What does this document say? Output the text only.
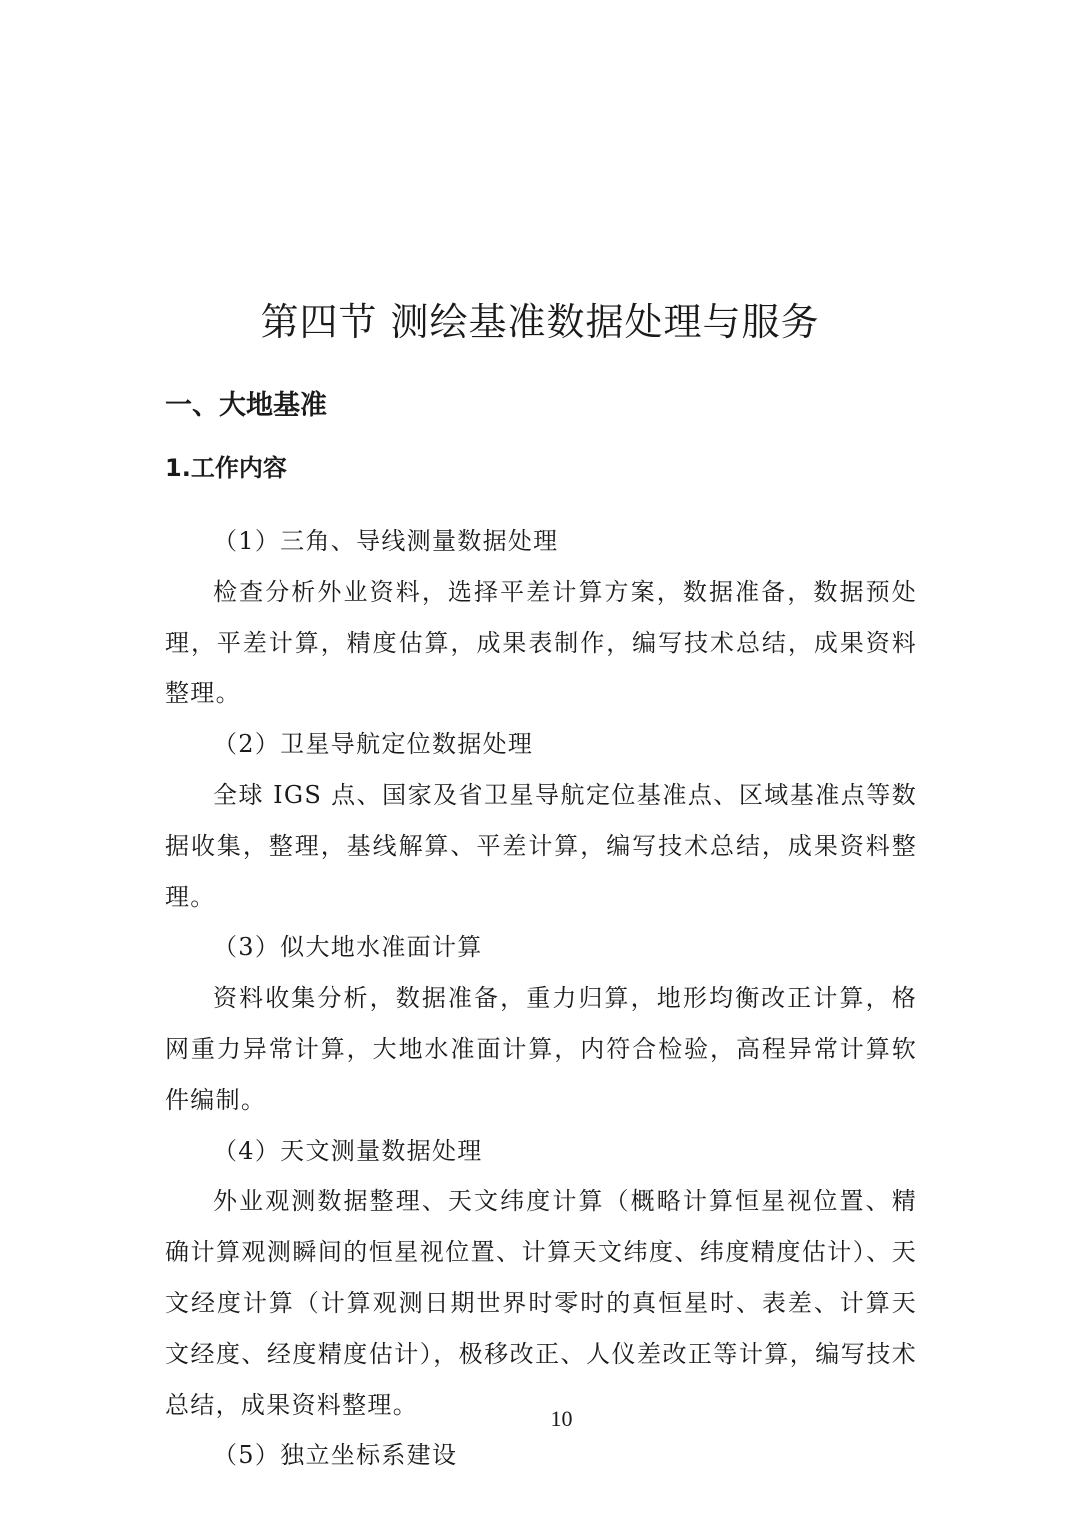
第四节 测绘基准数据处理与服务
一、大地基准
1.工作内容
（1）三角、导线测量数据处理
检查分析外业资料，选择平差计算方案，数据准备，数据预处理，平差计算，精度估算，成果表制作，编写技术总结，成果资料整理。
（2）卫星导航定位数据处理
全球 IGS 点、国家及省卫星导航定位基准点、区域基准点等数据收集，整理，基线解算、平差计算，编写技术总结，成果资料整理。
（3）似大地水准面计算
资料收集分析，数据准备，重力归算，地形均衡改正计算，格网重力异常计算，大地水准面计算，内符合检验，高程异常计算软件编制。
（4）天文测量数据处理
外业观测数据整理、天文纬度计算（概略计算恒星视位置、精确计算观测瞬间的恒星视位置、计算天文纬度、纬度精度估计）、天文经度计算（计算观测日期世界时零时的真恒星时、表差、计算天文经度、经度精度估计），极移改正、人仪差改正等计算，编写技术总结，成果资料整理。
（5）独立坐标系建设
10
